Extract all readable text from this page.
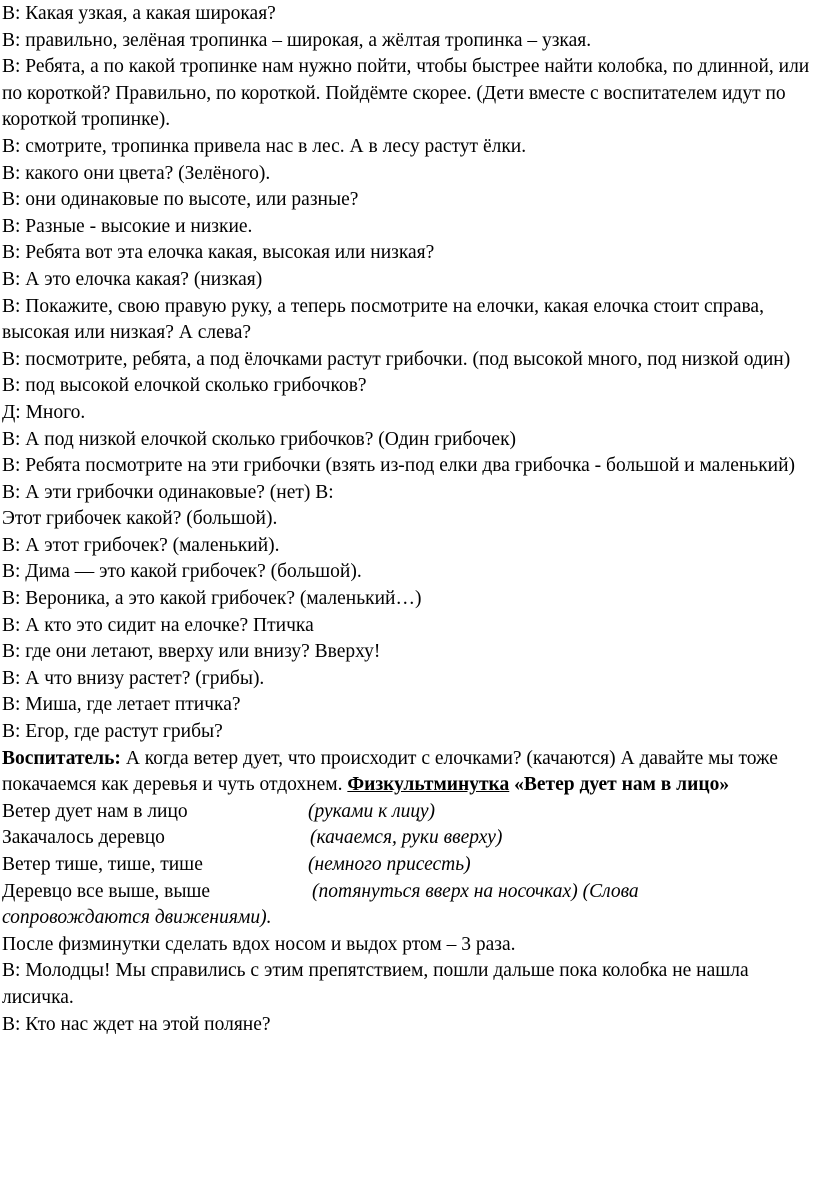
В: Какая узкая, а какая широкая?

В: правильно, зелёная тропинка – широкая, а жёлтая тропинка – узкая.

В: Ребята, а по какой тропинке нам нужно пойти, чтобы быстрее найти колобка, по длинной, или по короткой? Правильно, по короткой. Пойдёмте скорее. (Дети вместе с воспитателем идут по короткой тропинке).

В: смотрите, тропинка привела нас в лес. А в лесу растут ёлки.

В: какого они цвета? (Зелёного).

В: они одинаковые по высоте, или разные?

В: Разные - высокие и низкие.

В: Ребята вот эта елочка какая, высокая или низкая?

В: А это елочка какая? (низкая)

В: Покажите, свою правую руку, а теперь посмотрите на елочки, какая елочка стоит справа, высокая или низкая? А слева?

В: посмотрите, ребята, а под ёлочками растут грибочки. (под высокой много, под низкой один)

В: под высокой елочкой сколько грибочков?

Д: Много.

В: А под низкой елочкой сколько грибочков? (Один грибочек)

В: Ребята посмотрите на эти грибочки (взять из-под елки два грибочка - большой и маленький)

В: А эти грибочки одинаковые? (нет) В:

Этот грибочек какой? (большой).

В: А этот грибочек? (маленький).

В: Дима — это какой грибочек? (большой).

В: Вероника, а это какой грибочек? (маленький…)

В: А кто это сидит на елочке? Птичка

В: где они летают, вверху или внизу? Вверху!

В: А что внизу растет? (грибы).

В: Миша, где летает птичка?

В: Егор, где растут грибы?

Воспитатель: А когда ветер дует, что происходит с елочками? (качаются) А давайте мы тоже покачаемся как деревья и чуть отдохнем. Физкультминутка «Ветер дует нам в лицо»

Ветер дует нам в лицо	(руками к лицу)
Закачалось деревцо	(качаемся, руки вверху)
Ветер тише, тише, тише	(немного присесть)
Деревцо все выше, выше	(потянуться вверх на носочках) (Слова

сопровождаются движениями).

После физминутки сделать вдох носом и выдох ртом – 3 раза.

В: Молодцы! Мы справились с этим препятствием, пошли дальше пока колобка не нашла лисичка.

В: Кто нас ждет на этой поляне?
